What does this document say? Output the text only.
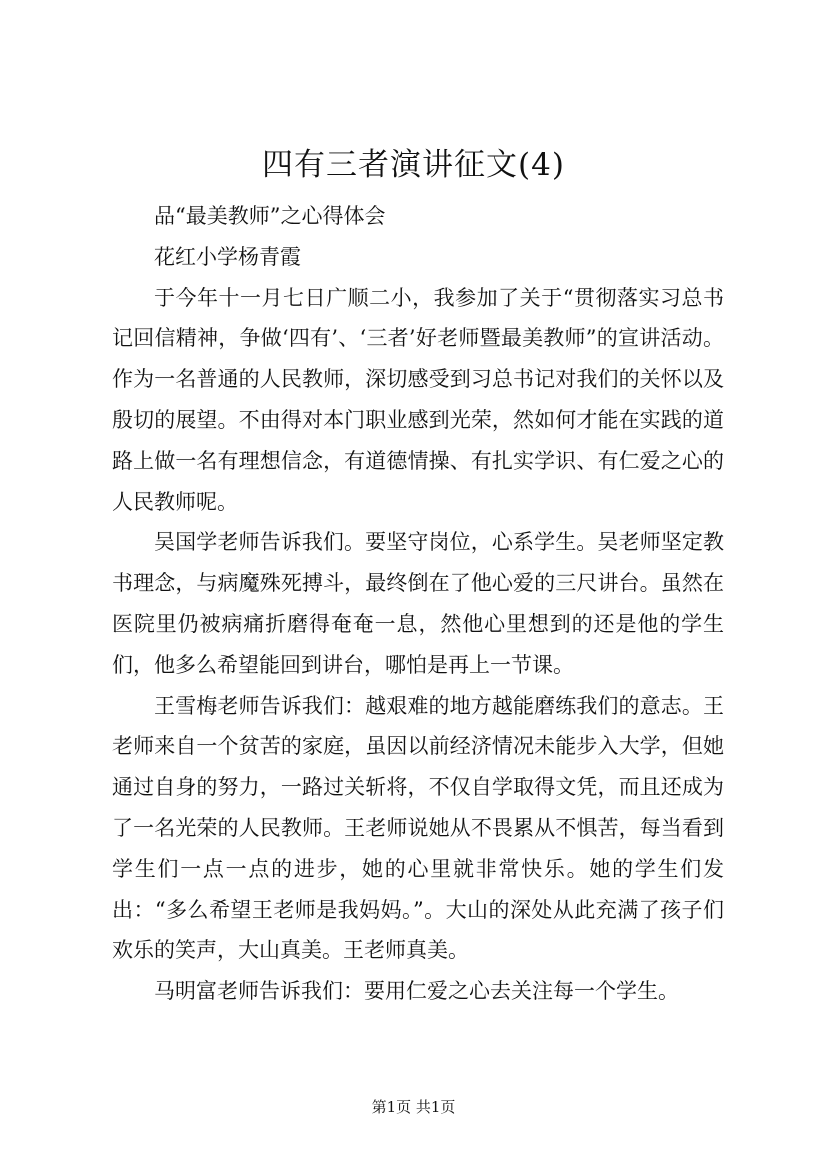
四有三者演讲征文(4)

品“最美教师”之心得体会

花红小学杨青霞

于今年十一月七日广顺二小，我参加了关于“贯彻落实习总书记回信精神，争做‘四有’、‘三者’好老师暨最美教师”的宣讲活动。作为一名普通的人民教师，深切感受到习总书记对我们的关怀以及殷切的展望。不由得对本门职业感到光荣，然如何才能在实践的道路上做一名有理想信念，有道德情操、有扎实学识、有仁爱之心的人民教师呢。

吴国学老师告诉我们。要坚守岗位，心系学生。吴老师坚定教书理念，与病魔殊死搏斗，最终倒在了他心爱的三尺讲台。虽然在医院里仍被病痛折磨得奄奄一息，然他心里想到的还是他的学生们，他多么希望能回到讲台，哪怕是再上一节课。

王雪梅老师告诉我们：越艰难的地方越能磨练我们的意志。王老师来自一个贫苦的家庭，虽因以前经济情况未能步入大学，但她通过自身的努力，一路过关斩将，不仅自学取得文凭，而且还成为了一名光荣的人民教师。王老师说她从不畏累从不惧苦，每当看到学生们一点一点的进步，她的心里就非常快乐。她的学生们发出：“多么希望王老师是我妈妈。”。大山的深处从此充满了孩子们欢乐的笑声，大山真美。王老师真美。

马明富老师告诉我们：要用仁爱之心去关注每一个学生。

第1页 共1页
